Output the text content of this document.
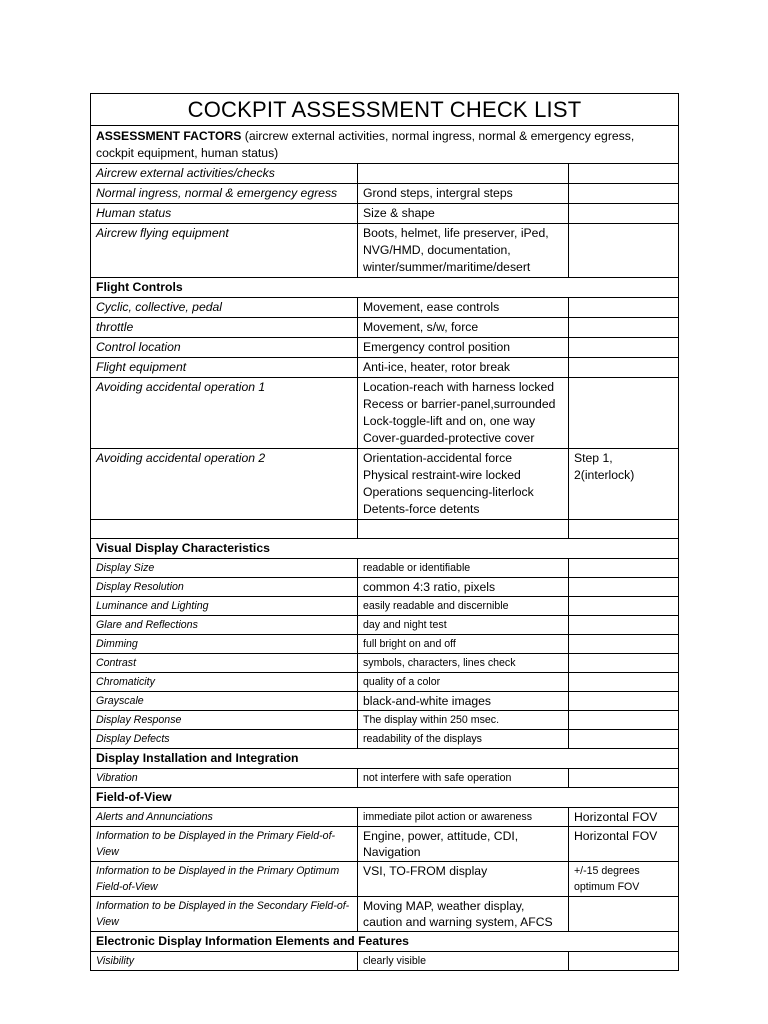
COCKPIT ASSESSMENT CHECK LIST		
ASSESSMENT FACTORS (aircrew external activities, normal ingress, normal & emergency egress, cockpit equipment, human status)		
Aircrew external activities/checks		
Normal ingress, normal & emergency egress	Grond steps, intergral steps	
Human status	Size & shape	
Aircrew flying equipment	Boots, helmet, life preserver, iPed, NVG/HMD, documentation, winter/summer/maritime/desert	
Flight Controls		
Cyclic, collective, pedal	Movement, ease controls	
throttle	Movement, s/w, force	
Control location	Emergency control position	
Flight equipment	Anti-ice, heater, rotor break	
Avoiding accidental operation 1	Location-reach with harness locked
Recess or barrier-panel,surrounded
Lock-toggle-lift and on, one way
Cover-guarded-protective cover	

Avoiding accidental operation 2	Orientation-accidental force
Physical restraint-wire locked
Operations sequencing-literlock
Detents-force detents	Step 1, 2(interlock)

Visual Display Characteristics		
Display Size	readable or identifiable	
Display Resolution	common 4:3 ratio, pixels	
Luminance and Lighting	easily readable and discernible	
Glare and Reflections	day and night test	
Dimming	full bright on and off	
Contrast	symbols, characters, lines check	
Chromaticity	quality of a color	
Grayscale	black-and-white images	
Display Response	The display within 250 msec.	
Display Defects	readability of the displays	
Display Installation and Integration		
Vibration	not interfere with safe operation	
Field-of-View		
Alerts and Annunciations	immediate pilot action or awareness	Horizontal FOV
Information to be Displayed in the Primary Field-of-View	Engine, power, attitude, CDI, Navigation	Horizontal FOV
Information to be Displayed in the Primary Optimum Field-of-View	VSI, TO-FROM display	+/-15 degrees optimum FOV
Information to be Displayed in the Secondary Field-of-View	Moving MAP, weather display, caution and warning system, AFCS	
Electronic Display Information Elements and Features		
Visibility	clearly visible	
